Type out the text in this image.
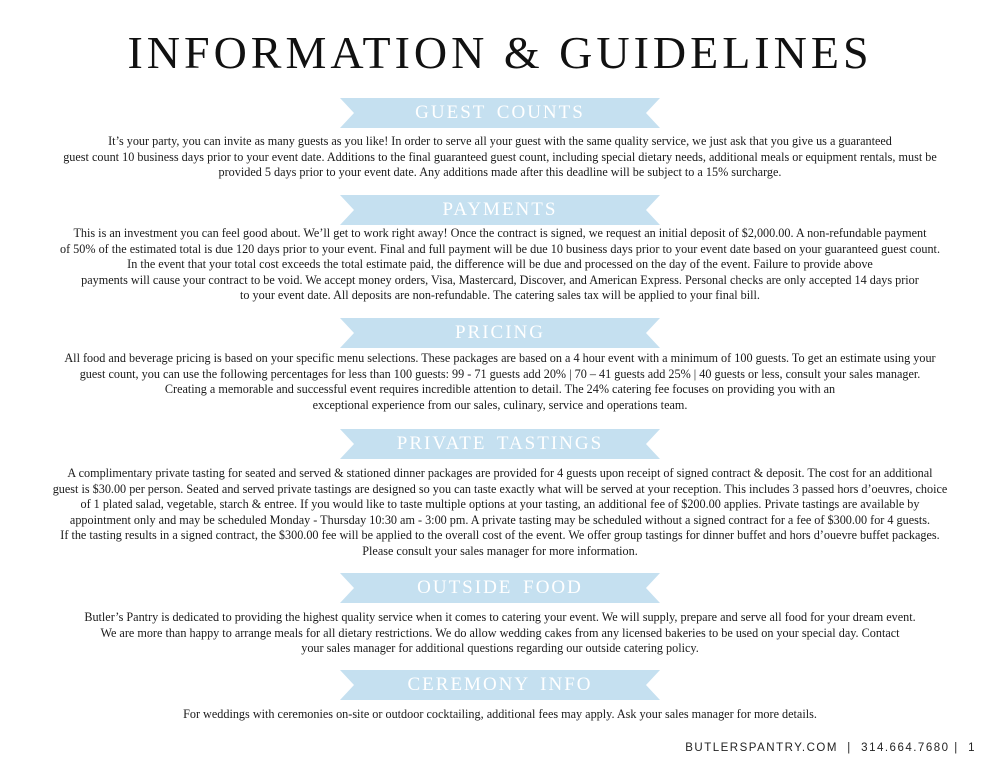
INFORMATION & GUIDELINES
GUEST COUNTS
It’s your party, you can invite as many guests as you like! In order to serve all your guest with the same quality service, we just ask that you give us a guaranteed
guest count 10 business days prior to your event date. Additions to the final guaranteed guest count, including special dietary needs, additional meals or equipment rentals, must be
provided 5 days prior to your event date. Any additions made after this deadline will be subject to a 15% surcharge.
PAYMENTS
This is an investment you can feel good about. We’ll get to work right away! Once the contract is signed, we request an initial deposit of $2,000.00. A non-refundable payment
of 50% of the estimated total is due 120 days prior to your event. Final and full payment will be due 10 business days prior to your event date based on your guaranteed guest count.
In the event that your total cost exceeds the total estimate paid, the difference will be due and processed on the day of the event. Failure to provide above
payments will cause your contract to be void. We accept money orders, Visa, Mastercard, Discover, and American Express. Personal checks are only accepted 14 days prior
to your event date. All deposits are non-refundable. The catering sales tax will be applied to your final bill.
PRICING
All food and beverage pricing is based on your specific menu selections. These packages are based on a 4 hour event with a minimum of 100 guests. To get an estimate using your
guest count, you can use the following percentages for less than 100 guests: 99 - 71 guests add 20% | 70 – 41 guests add 25% | 40 guests or less, consult your sales manager.
Creating a memorable and successful event requires incredible attention to detail. The 24% catering fee focuses on providing you with an
exceptional experience from our sales, culinary, service and operations team.
PRIVATE TASTINGS
A complimentary private tasting for seated and served & stationed dinner packages are provided for 4 guests upon receipt of signed contract & deposit. The cost for an additional
guest is $30.00 per person. Seated and served private tastings are designed so you can taste exactly what will be served at your reception. This includes 3 passed hors d’oeuvres, choice
of 1 plated salad, vegetable, starch & entree. If you would like to taste multiple options at your tasting, an additional fee of $200.00 applies. Private tastings are available by
appointment only and may be scheduled Monday - Thursday 10:30 am - 3:00 pm. A private tasting may be scheduled without a signed contract for a fee of $300.00 for 4 guests.
If the tasting results in a signed contract, the $300.00 fee will be applied to the overall cost of the event. We offer group tastings for dinner buffet and hors d’ouevre buffet packages.
Please consult your sales manager for more information.
OUTSIDE FOOD
Butler’s Pantry is dedicated to providing the highest quality service when it comes to catering your event. We will supply, prepare and serve all food for your dream event.
We are more than happy to arrange meals for all dietary restrictions. We do allow wedding cakes from any licensed bakeries to be used on your special day. Contact
your sales manager for additional questions regarding our outside catering policy.
CEREMONY INFO
For weddings with ceremonies on-site or outdoor cocktailing, additional fees may apply. Ask your sales manager for more details.
BUTLERSPANTRY.COM  |  314.664.7680 |  1
